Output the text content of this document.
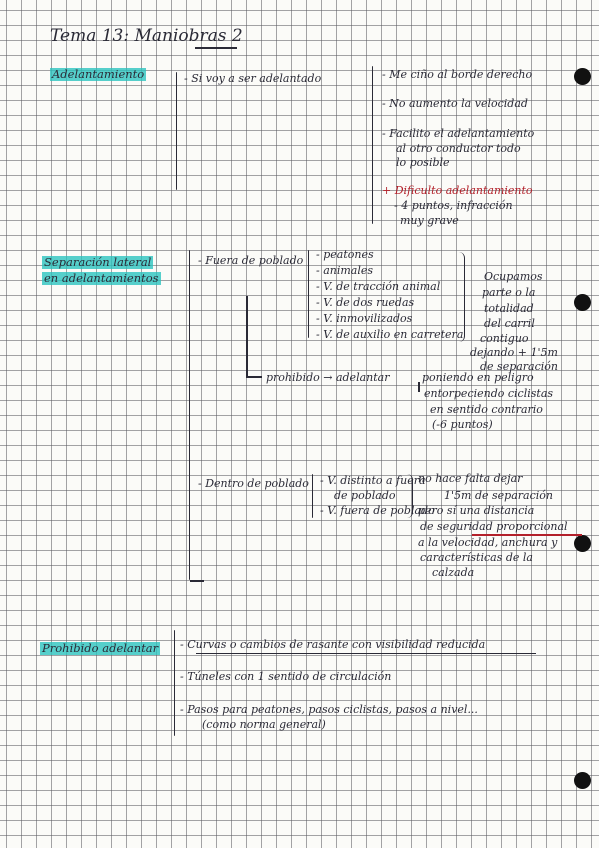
Tema 13: Maniobras 2
Adelantamiento	- Si voy a ser adelantado	- Me ciño al borde derecho
- No aumento la velocidad
- Facilito el adelantamiento
al otro conductor todo
lo posible
+ Dificulto adelantamiento
- 4 puntos, infracción
muy grave
Separación lateral
en adelantamientos
- Fuera de poblado - peatones
- animales
- V. de tracción animal
- V. de dos ruedas
- V. inmovilizados
- V. de auxilio en carretera
Ocupamos
parte o la
totalidad
del carril
contiguo
dejando + 1'5m
de separación
prohibido → adelantar	poniendo en peligro
entorpeciendo ciclistas
en sentido contrario
(-6 puntos)
- Dentro de poblado - V. distinto a fuera
de poblado
- V. fuera de poblado
no hace falta dejar
1'5m de separación
pero sí una distancia
de seguridad proporcional
a la velocidad, anchura y
características de la
calzada
Prohibido adelantar - Curvas o cambios de rasante con visibilidad reducida
- Túneles con 1 sentido de circulación
- Pasos para peatones, pasos ciclistas, pasos a nivel...
(como norma general)
